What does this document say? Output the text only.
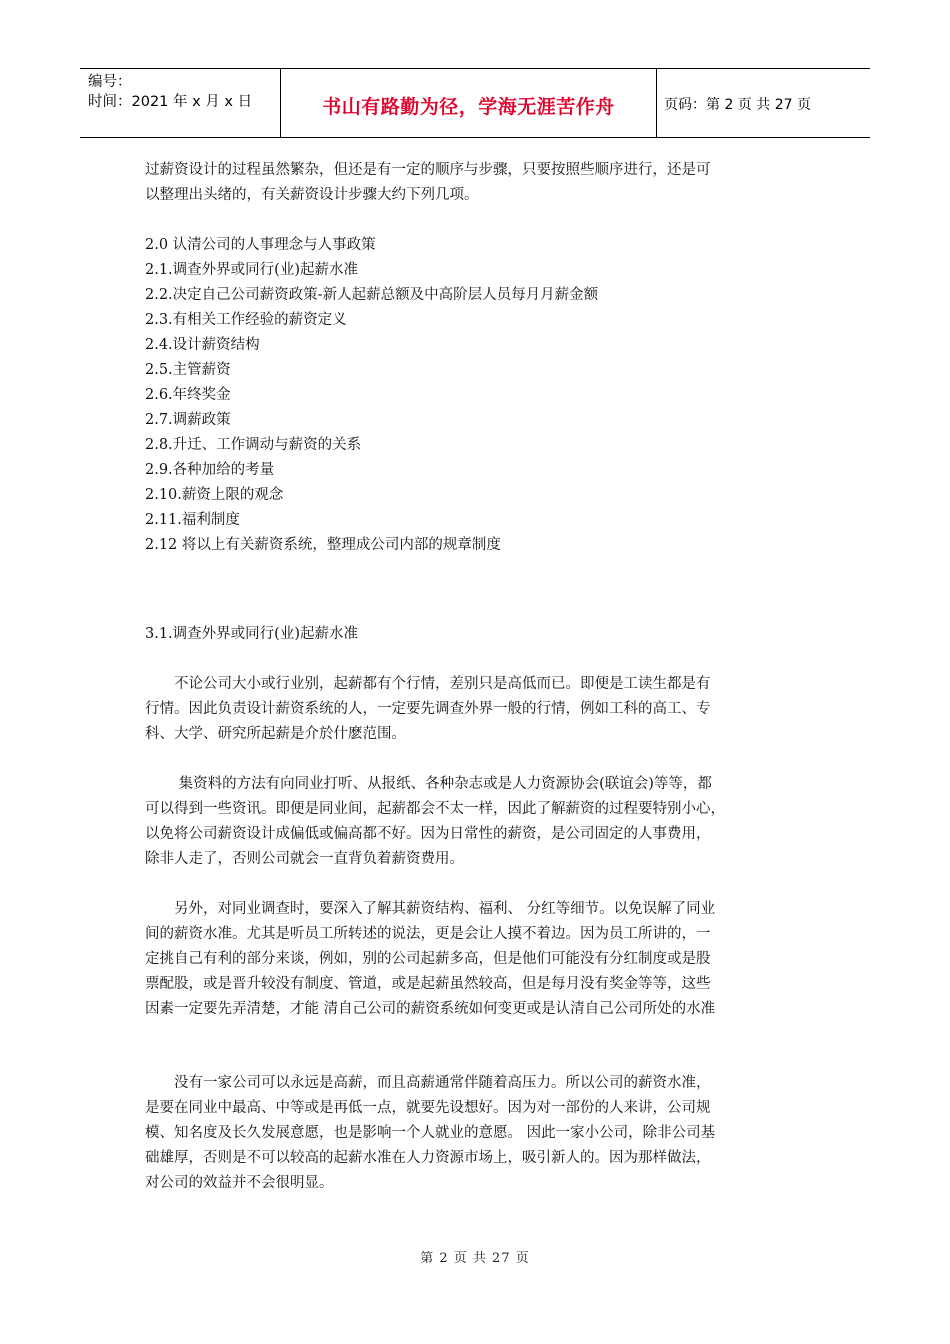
编号：
时间：2021 年 x 月 x 日	书山有路勤为径，学海无涯苦作舟	页码：第 2 页 共 27 页

过薪资设计的过程虽然繁杂，但还是有一定的顺序与步骤，只要按照些顺序进行，还是可

以整理出头绪的，有关薪资设计步骤大约下列几项。

2.0 认清公司的人事理念与人事政策

2.1.调查外界或同行(业)起薪水准

2.2.决定自己公司薪资政策-新人起薪总额及中高阶层人员每月月薪金额

2.3.有相关工作经验的薪资定义

2.4.设计薪资结构

2.5.主管薪资

2.6.年终奖金

2.7.调薪政策

2.8.升迁、工作调动与薪资的关系

2.9.各种加给的考量

2.10.薪资上限的观念

2.11.福利制度

2.12 将以上有关薪资系统，整理成公司内部的规章制度

3.1.调查外界或同行(业)起薪水准

　　不论公司大小或行业别，起薪都有个行情，差别只是高低而已。即便是工读生都是有

行情。因此负责设计薪资系统的人，一定要先调查外界一般的行情，例如工科的高工、专

科、大学、研究所起薪是介於什麽范围。

　　 集资料的方法有向同业打听、从报纸、各种杂志或是人力资源协会(联谊会)等等，都

可以得到一些资讯。即便是同业间，起薪都会不太一样，因此了解薪资的过程要特别小心，

以免将公司薪资设计成偏低或偏高都不好。因为日常性的薪资，是公司固定的人事费用，

除非人走了，否则公司就会一直背负着薪资费用。

　　另外，对同业调查时，要深入了解其薪资结构、福利、 分红等细节。以免误解了同业

间的薪资水准。尤其是听员工所转述的说法，更是会让人摸不着边。因为员工所讲的，一

定挑自己有利的部分来谈，例如，别的公司起薪多高，但是他们可能没有分红制度或是股

票配股，或是晋升较没有制度、管道，或是起薪虽然较高，但是每月没有奖金等等，这些

因素一定要先弄清楚，才能 清自己公司的薪资系统如何变更或是认清自己公司所处的水准

　　没有一家公司可以永远是高薪，而且高薪通常伴随着高压力。所以公司的薪资水准，

是要在同业中最高、中等或是再低一点，就要先设想好。因为对一部份的人来讲，公司规

模、知名度及长久发展意愿，也是影响一个人就业的意愿。 因此一家小公司，除非公司基

础雄厚，否则是不可以较高的起薪水准在人力资源市场上，吸引新人的。因为那样做法，

对公司的效益并不会很明显。

第 2 页 共 27 页
